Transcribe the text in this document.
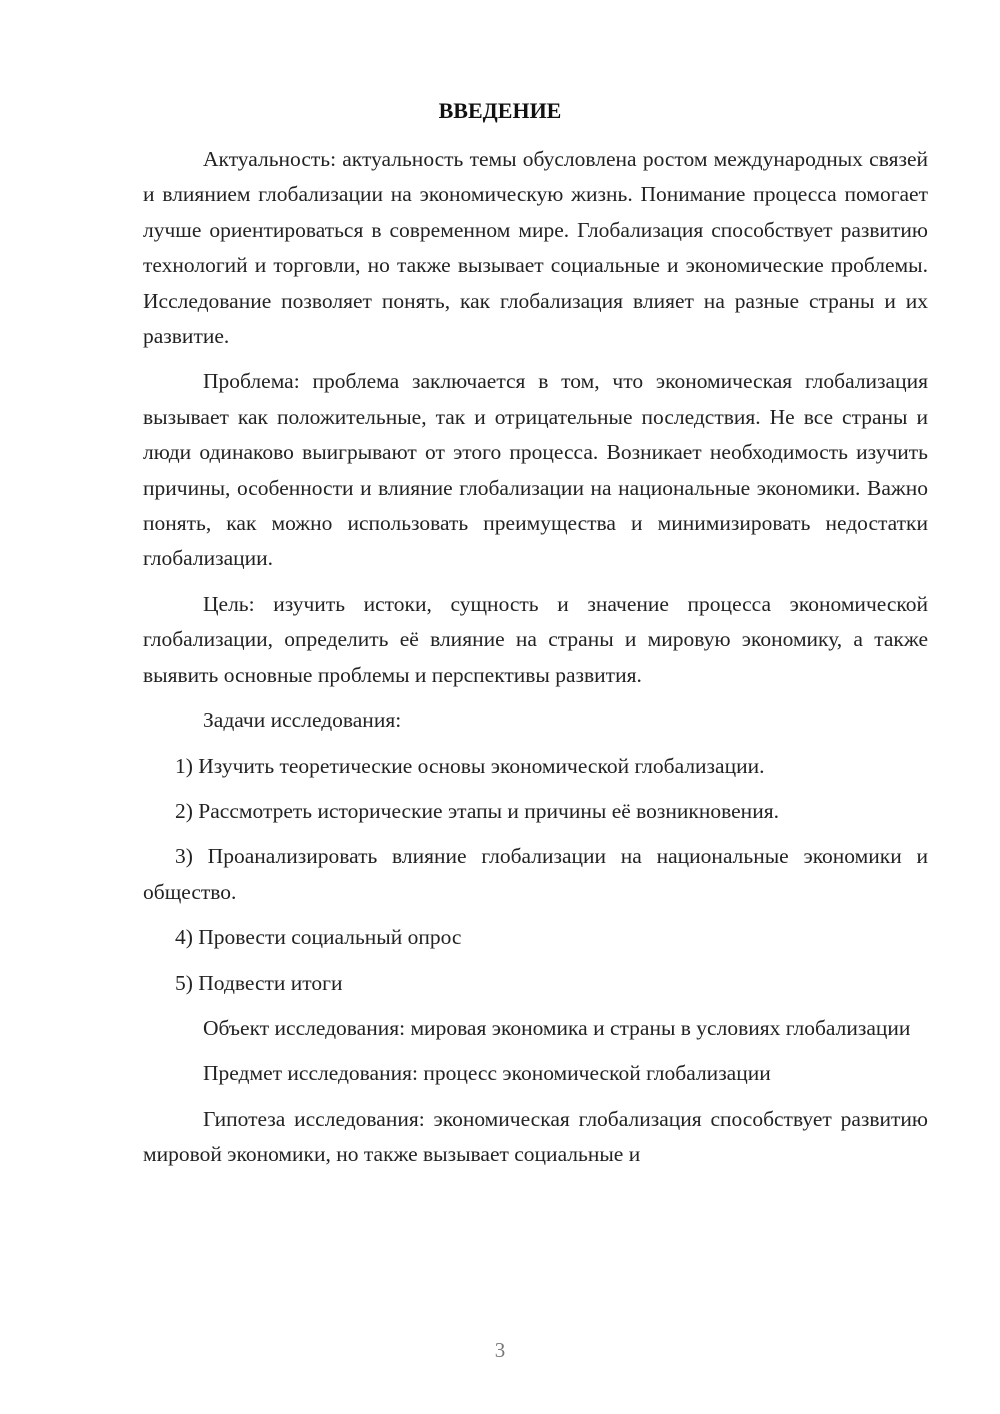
ВВЕДЕНИЕ

Актуальность: актуальность темы обусловлена ростом международных связей и влиянием глобализации на экономическую жизнь. Понимание процесса помогает лучше ориентироваться в современном мире. Глобализация способствует развитию технологий и торговли, но также вызывает социальные и экономические проблемы. Исследование позволяет понять, как глобализация влияет на разные страны и их развитие.

Проблема: проблема заключается в том, что экономическая глобализация вызывает как положительные, так и отрицательные последствия. Не все страны и люди одинаково выигрывают от этого процесса. Возникает необходимость изучить причины, особенности и влияние глобализации на национальные экономики. Важно понять, как можно использовать преимущества и минимизировать недостатки глобализации.

Цель: изучить истоки, сущность и значение процесса экономической глобализации, определить её влияние на страны и мировую экономику, а также выявить основные проблемы и перспективы развития.

Задачи исследования:

1) Изучить теоретические основы экономической глобализации.

2) Рассмотреть исторические этапы и причины её возникновения.

3) Проанализировать влияние глобализации на национальные экономики и общество.

4) Провести социальный опрос

5) Подвести итоги

Объект исследования: мировая экономика и страны в условиях глобализации

Предмет исследования: процесс экономической глобализации

Гипотеза исследования: экономическая глобализация способствует развитию мировой экономики, но также вызывает социальные и

3
